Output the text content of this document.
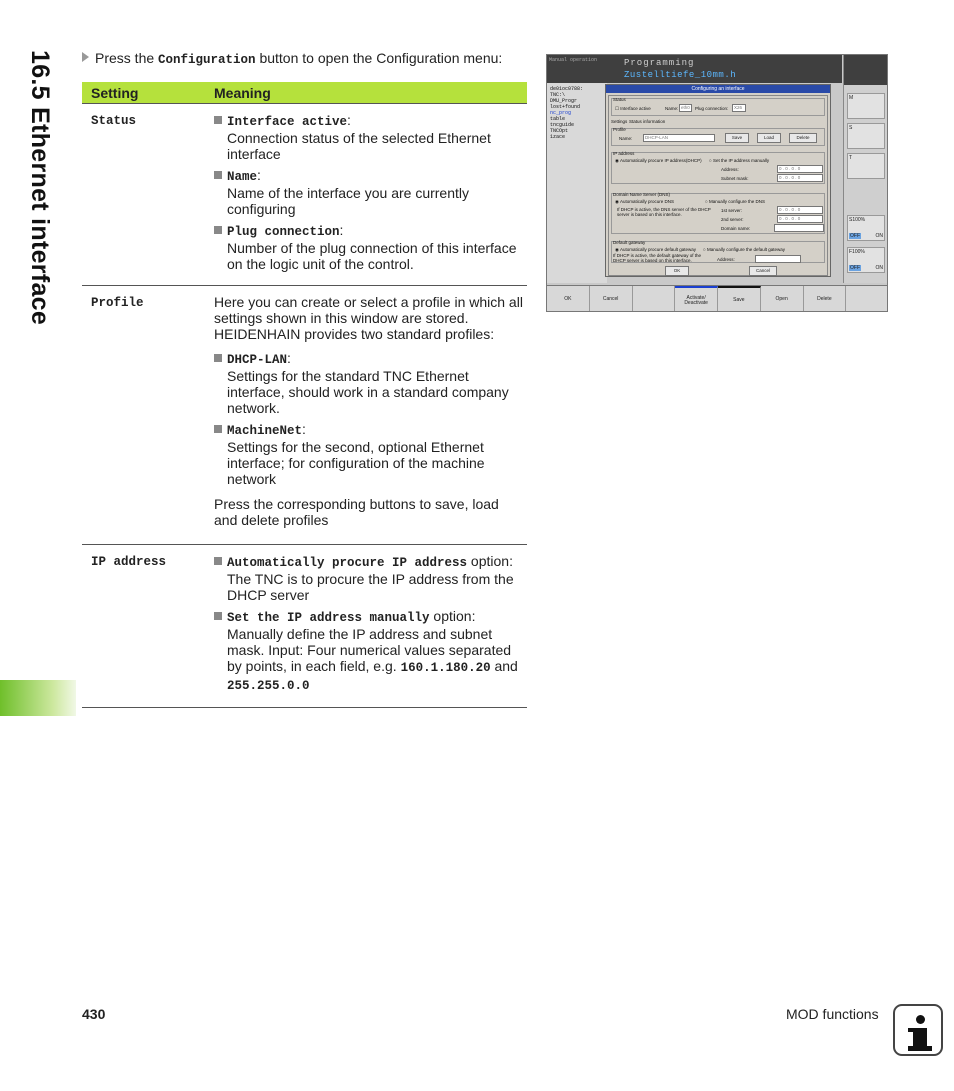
16.5 Ethernet interface	Press the Configuration button to open the Configuration menu:
Setting	Meaning
Status	Interface active:
Connection status of the selected Ethernet interface
Name:
Name of the interface you are currently configuring
Plug connection:
Number of the plug connection of this interface on the logic unit of the control.
Profile	Here you can create or select a profile in which all settings shown in this window are stored. HEIDENHAIN provides two standard profiles:
DHCP-LAN:
Settings for the standard TNC Ethernet interface, should work in a standard company network.
MachineNet:
Settings for the second, optional Ethernet interface; for configuration of the machine network
Press the corresponding buttons to save, load and delete profiles
IP address	Automatically procure IP address option:
The TNC is to procure the IP address from the DHCP server
Set the IP address manually option:
Manually define the IP address and subnet mask. Input: Four numerical values separated by points, in each field, e.g. 160.1.180.20 and 255.255.0.0
Manual operation	Programming
Zustelltiefe_10mm.h
de01oc0788:
TNC:\
DMU_Progr
lost+found
nc_prog
table
tncguide
TNCOpt
1zace
Configuring an interface
Status
☐ Interface active	Name: eth0	Plug connection:	X26
Settings Status information
Profile
Name:	DHCP-LAN	Save	Load	Delete
IP address
◉ Automatically procure IP address(DHCP) ○ Set the IP address manually
Address:	0 . 0 . 0 . 0
Subnet mask:	0 . 0 . 0 . 0
Domain Name Server (DNS)
◉ Automatically procure DNS	○ Manually configure the DNS
If DHCP is active, the DNS server of the DHCP server is based on this interface.
1st server:	0 . 0 . 0 . 0
2nd server:	0 . 0 . 0 . 0
Domain name:
Default gateway
◉ Automatically procure default gateway ○ Manually configure the default gateway
If DHCP is active, the default gateway of the DHCP server is based on this interface.	Address:
OK	Cancel
M
S
T
S100%
OFF	ON
F100%
OFF	ON
OK	Cancel	Activate/ Deactivate	Save	Open	Delete
430	MOD functions
